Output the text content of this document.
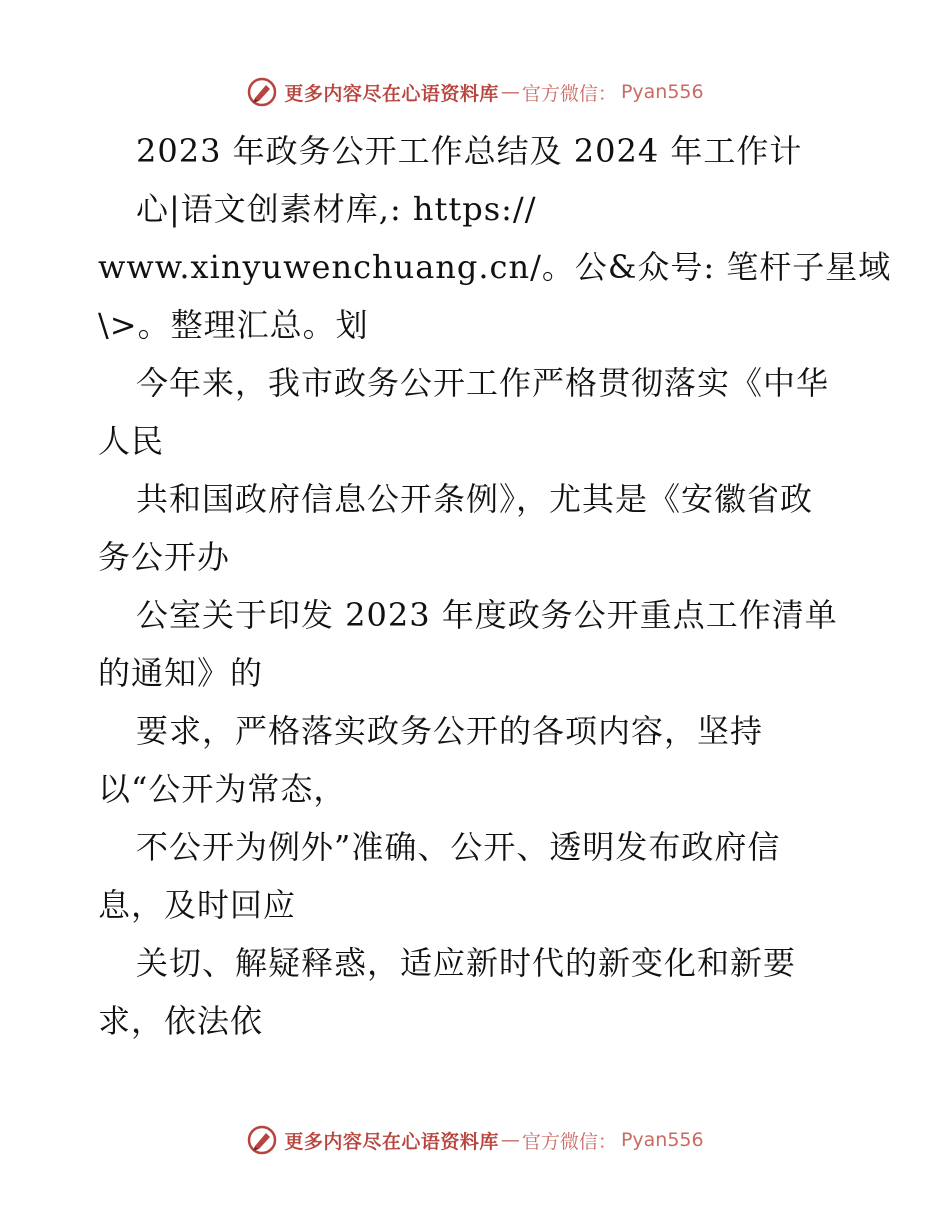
更多内容尽在心语资料库 — 官方微信： Pyan556
2023 年政务公开工作总结及 2024 年工作计
心|语文创素材库,: https://
www.xinyuwenchuang.cn/。公&众号: 笔杆子星域
\>。整理汇总。划
今年来，我市政务公开工作严格贯彻落实《中华
人民
共和国政府信息公开条例》，尤其是《安徽省政
务公开办
公室关于印发 2023 年度政务公开重点工作清单
的通知》的
要求，严格落实政务公开的各项内容，坚持
以“公开为常态，
不公开为例外”准确、公开、透明发布政府信
息，及时回应
关切、解疑释惑，适应新时代的新变化和新要
求，依法依
更多内容尽在心语资料库 — 官方微信： Pyan556
